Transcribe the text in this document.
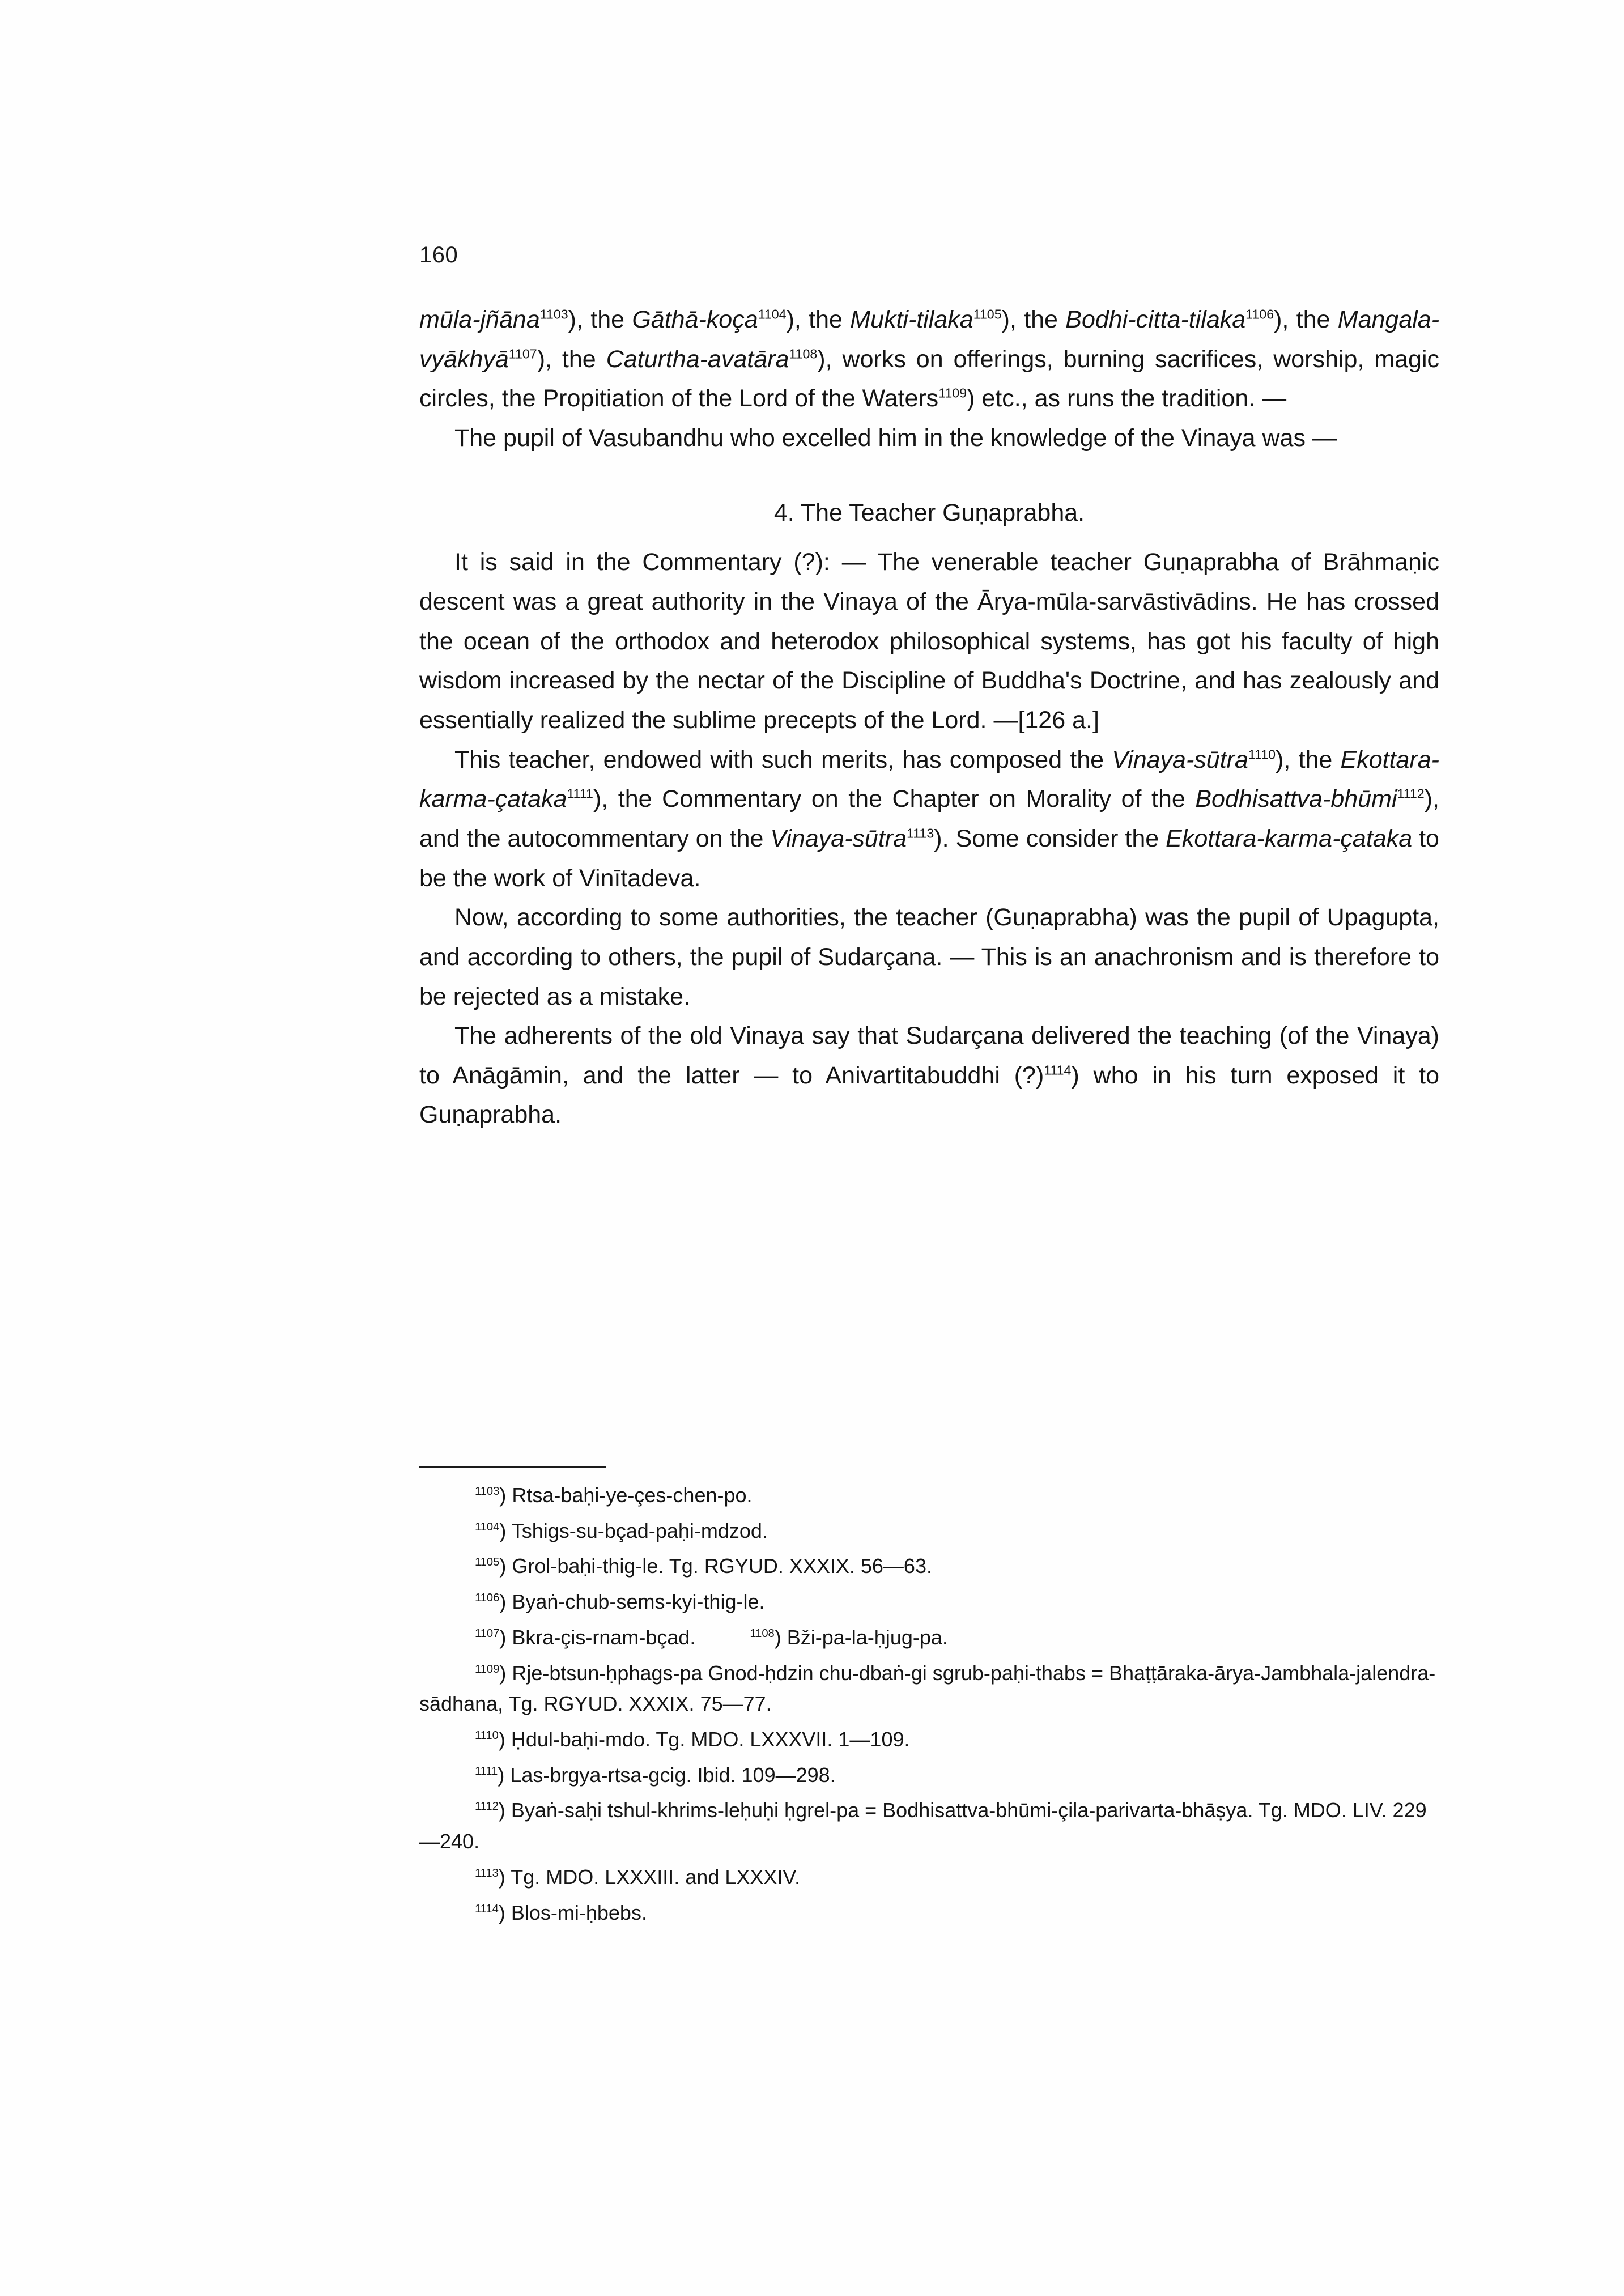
160

mūla-jñāna$^{1103}$), the Gāthā-koça$^{1104}$), the Mukti-tilaka$^{1105}$), the Bodhi-citta-tilaka$^{1106}$), the Mangala-vyākhyā$^{1107}$), the Caturtha-avatāra$^{1108}$), works on offerings, burning sacrifices, worship, magic circles, the Propitiation of the Lord of the Waters$^{1109}$) etc., as runs the tradition. —

The pupil of Vasubandhu who excelled him in the knowledge of the Vinaya was —

4. The Teacher Guṇaprabha.

It is said in the Commentary (?): — The venerable teacher Guṇaprabha of Brāhmaṇic descent was a great authority in the Vinaya of the Ārya-mūla-sarvāstivādins. He has crossed the ocean of the orthodox and heterodox philosophical systems, has got his faculty of high wisdom increased by the nectar of the Discipline of Buddha's Doctrine, and has zealously and essentially realized the sublime precepts of the Lord. —[126 a.]

This teacher, endowed with such merits, has composed the Vinaya-sūtra$^{1110}$), the Ekottara-karma-çataka$^{1111}$), the Commentary on the Chapter on Morality of the Bodhisattva-bhūmi$^{1112}$), and the autocommentary on the Vinaya-sūtra$^{1113}$). Some consider the Ekottara-karma-çataka to be the work of Vinītadeva.

Now, according to some authorities, the teacher (Guṇaprabha) was the pupil of Upagupta, and according to others, the pupil of Sudarçana. — This is an anachronism and is therefore to be rejected as a mistake.

The adherents of the old Vinaya say that Sudarçana delivered the teaching (of the Vinaya) to Anāgāmin, and the latter — to Anivartitabuddhi (?)$^{1114}$) who in his turn exposed it to Guṇaprabha.

$^{1103}$) Rtsa-baḥi-ye-çes-chen-po.

$^{1104}$) Tshigs-su-bçad-paḥi-mdzod.

$^{1105}$) Grol-baḥi-thig-le. Tg. RGYUD. XXXIX. 56—63.

$^{1106}$) Byaṅ-chub-sems-kyi-thig-le.

$^{1107}$) Bkra-çis-rnam-bçad.	$^{1108}$) Bži-pa-la-ḥjug-pa.

$^{1109}$) Rje-btsun-ḥphags-pa Gnod-ḥdzin chu-dbaṅ-gi sgrub-paḥi-thabs = Bhaṭṭāraka-ārya-Jambhala-jalendra-sādhana, Tg. RGYUD. XXXIX. 75—77.

$^{1110}$) Ḥdul-baḥi-mdo. Tg. MDO. LXXXVII. 1—109.

$^{1111}$) Las-brgya-rtsa-gcig. Ibid. 109—298.

$^{1112}$) Byaṅ-saḥi tshul-khrims-leḥuḥi ḥgrel-pa = Bodhisattva-bhūmi-çila-parivarta-bhāṣya. Tg. MDO. LIV. 229—240.

$^{1113}$) Tg. MDO. LXXXIII. and LXXXIV.

$^{1114}$) Blos-mi-ḥbebs.
